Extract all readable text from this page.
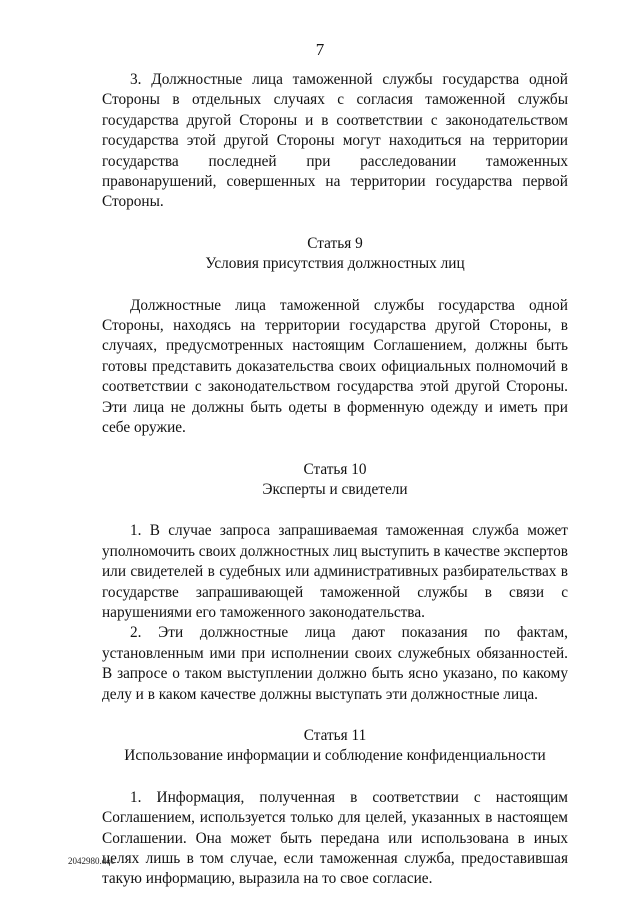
7

3. Должностные лица таможенной службы государства одной Стороны в отдельных случаях с согласия таможенной службы государства другой Стороны и в соответствии с законодательством государства этой другой Стороны могут находиться на территории государства последней при расследовании таможенных правонарушений, совершенных на территории государства первой Стороны.

Статья 9
Условия присутствия должностных лиц

Должностные лица таможенной службы государства одной Стороны, находясь на территории государства другой Стороны, в случаях, предусмотренных настоящим Соглашением, должны быть готовы представить доказательства своих официальных полномочий в соответствии с законодательством государства этой другой Стороны. Эти лица не должны быть одеты в форменную одежду и иметь при себе оружие.

Статья 10
Эксперты и свидетели

1. В случае запроса запрашиваемая таможенная служба может уполномочить своих должностных лиц выступить в качестве экспертов или свидетелей в судебных или административных разбирательствах в государстве запрашивающей таможенной службы в связи с нарушениями его таможенного законодательства.

2. Эти должностные лица дают показания по фактам, установленным ими при исполнении своих служебных обязанностей. В запросе о таком выступлении должно быть ясно указано, по какому делу и в каком качестве должны выступать эти должностные лица.

Статья 11
Использование информации и соблюдение конфиденциальности

1. Информация, полученная в соответствии с настоящим Соглашением, используется только для целей, указанных в настоящем Соглашении. Она может быть передана или использована в иных целях лишь в том случае, если таможенная служба, предоставившая такую информацию, выразила на то свое согласие.

2042980.doc
